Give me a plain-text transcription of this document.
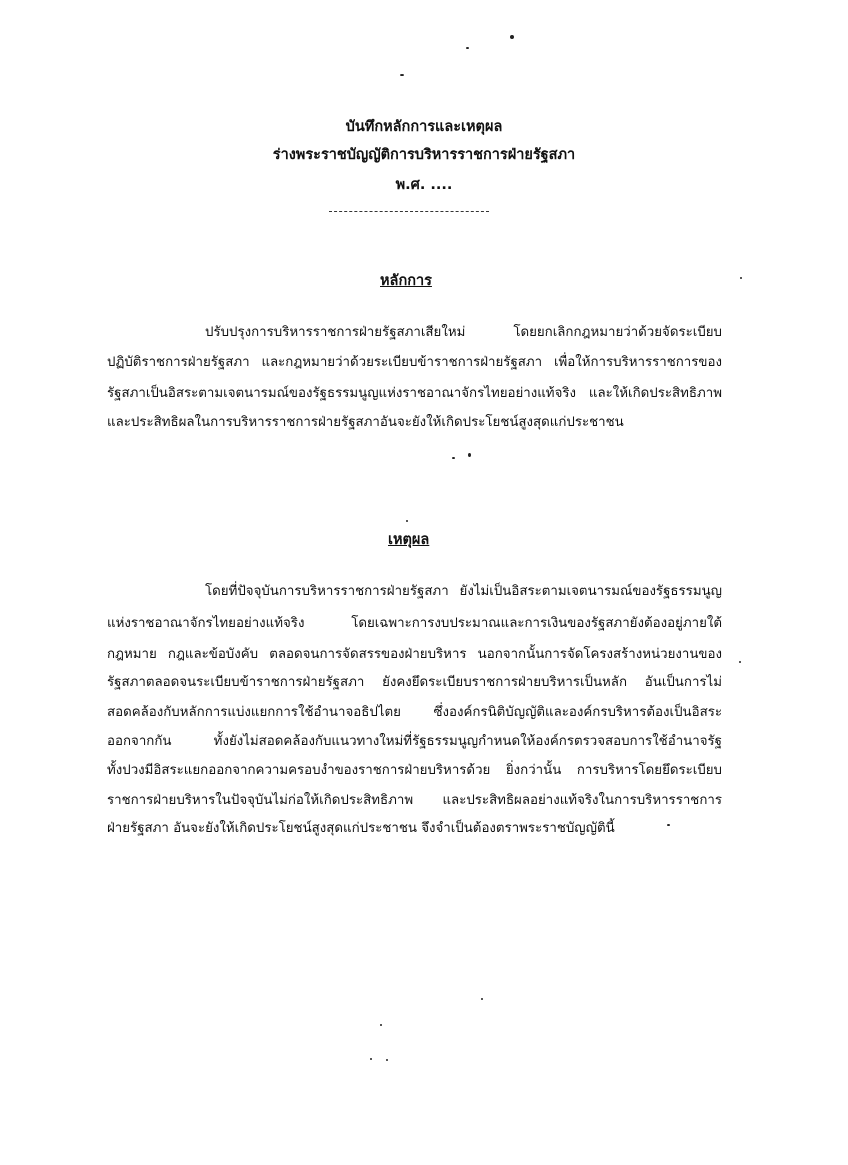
บันทึกหลักการและเหตุผล
ร่างพระราชบัญญัติการบริหารราชการฝ่ายรัฐสภา
พ.ศ. ....
หลักการ
ปรับปรุงการบริหารราชการฝ่ายรัฐสภาเสียใหม่ โดยยกเลิกกฎหมายว่าด้วยจัดระเบียบ
ปฏิบัติราชการฝ่ายรัฐสภา และกฎหมายว่าด้วยระเบียบข้าราชการฝ่ายรัฐสภา เพื่อให้การบริหารราชการของ
รัฐสภาเป็นอิสระตามเจตนารมณ์ของรัฐธรรมนูญแห่งราชอาณาจักรไทยอย่างแท้จริง และให้เกิดประสิทธิภาพ
และประสิทธิผลในการบริหารราชการฝ่ายรัฐสภาอันจะยังให้เกิดประโยชน์สูงสุดแก่ประชาชน
เหตุผล
โดยที่ปัจจุบันการบริหารราชการฝ่ายรัฐสภา ยังไม่เป็นอิสระตามเจตนารมณ์ของรัฐธรรมนูญ
แห่งราชอาณาจักรไทยอย่างแท้จริง โดยเฉพาะการงบประมาณและการเงินของรัฐสภายังต้องอยู่ภายใต้
กฎหมาย กฎและข้อบังคับ ตลอดจนการจัดสรรของฝ่ายบริหาร นอกจากนั้นการจัดโครงสร้างหน่วยงานของ
รัฐสภาตลอดจนระเบียบข้าราชการฝ่ายรัฐสภา ยังคงยึดระเบียบราชการฝ่ายบริหารเป็นหลัก อันเป็นการไม่
สอดคล้องกับหลักการแบ่งแยกการใช้อำนาจอธิปไตย ซึ่งองค์กรนิติบัญญัติและองค์กรบริหารต้องเป็นอิสระ
ออกจากกัน ทั้งยังไม่สอดคล้องกับแนวทางใหม่ที่รัฐธรรมนูญกำหนดให้องค์กรตรวจสอบการใช้อำนาจรัฐ
ทั้งปวงมีอิสระแยกออกจากความครอบงำของราชการฝ่ายบริหารด้วย ยิ่งกว่านั้น การบริหารโดยยึดระเบียบ
ราชการฝ่ายบริหารในปัจจุบันไม่ก่อให้เกิดประสิทธิภาพ และประสิทธิผลอย่างแท้จริงในการบริหารราชการ
ฝ่ายรัฐสภา อันจะยังให้เกิดประโยชน์สูงสุดแก่ประชาชน จึงจำเป็นต้องตราพระราชบัญญัตินี้
